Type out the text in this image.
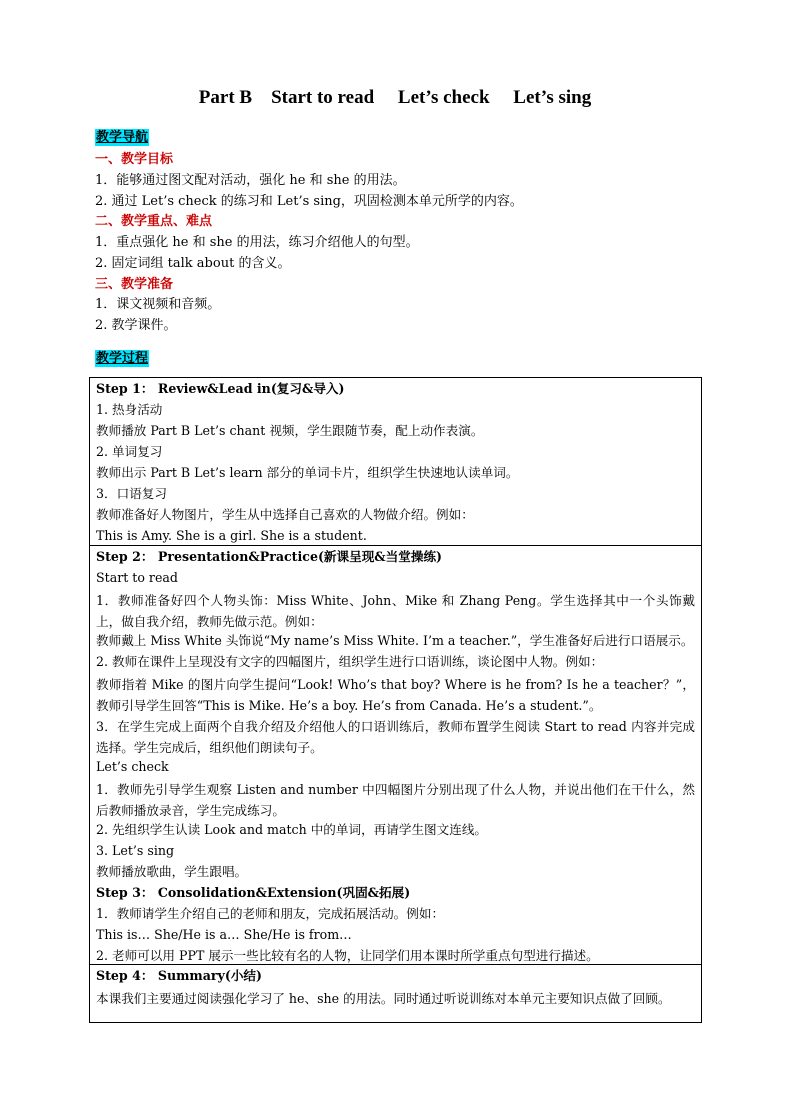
Part B    Start to read     Let’s check     Let’s sing
教学导航
一、教学目标
1．能够通过图文配对活动，强化 he 和 she 的用法。
2. 通过 Let’s check 的练习和 Let’s sing，巩固检测本单元所学的内容。
二、教学重点、难点
1．重点强化 he 和 she 的用法，练习介绍他人的句型。
2. 固定词组 talk about 的含义。
三、教学准备
1．课文视频和音频。
2. 教学课件。
教学过程
Step 1： Review&Lead in(复习&导入)
1. 热身活动
教师播放 Part B Let’s chant 视频，学生跟随节奏，配上动作表演。
2. 单词复习
教师出示 Part B Let’s learn 部分的单词卡片，组织学生快速地认读单词。
3．口语复习
教师准备好人物图片，学生从中选择自己喜欢的人物做介绍。例如：
This is Amy. She is a girl. She is a student.
Step 2： Presentation&Practice(新课呈现&当堂操练)
Start to read
1．教师准备好四个人物头饰：Miss White、John、Mike 和 Zhang Peng。学生选择其中一个头饰戴上，做自我介绍，教师先做示范。例如：
教师戴上 Miss White 头饰说“My name’s Miss White. I’m a teacher.”，学生准备好后进行口语展示。
2. 教师在课件上呈现没有文字的四幅图片，组织学生进行口语训练，谈论图中人物。例如：
教师指着 Mike 的图片向学生提问“Look! Who’s that boy? Where is he from? Is he a teacher？”，教师引导学生回答“This is Mike. He’s a boy. He’s from Canada. He’s a student.”。
3．在学生完成上面两个自我介绍及介绍他人的口语训练后，教师布置学生阅读 Start to read 内容并完成选择。学生完成后，组织他们朗读句子。
Let’s check
1．教师先引导学生观察 Listen and number 中四幅图片分别出现了什么人物，并说出他们在干什么，然后教师播放录音，学生完成练习。
2. 先组织学生认读 Look and match 中的单词，再请学生图文连线。
3. Let’s sing
教师播放歌曲，学生跟唱。
Step 3： Consolidation&Extension(巩固&拓展)
1．教师请学生介绍自己的老师和朋友，完成拓展活动。例如：
This is… She/He is a… She/He is from…
2. 老师可以用 PPT 展示一些比较有名的人物，让同学们用本课时所学重点句型进行描述。
Step 4： Summary(小结)
本课我们主要通过阅读强化学习了 he、she 的用法。同时通过听说训练对本单元主要知识点做了回顾。
